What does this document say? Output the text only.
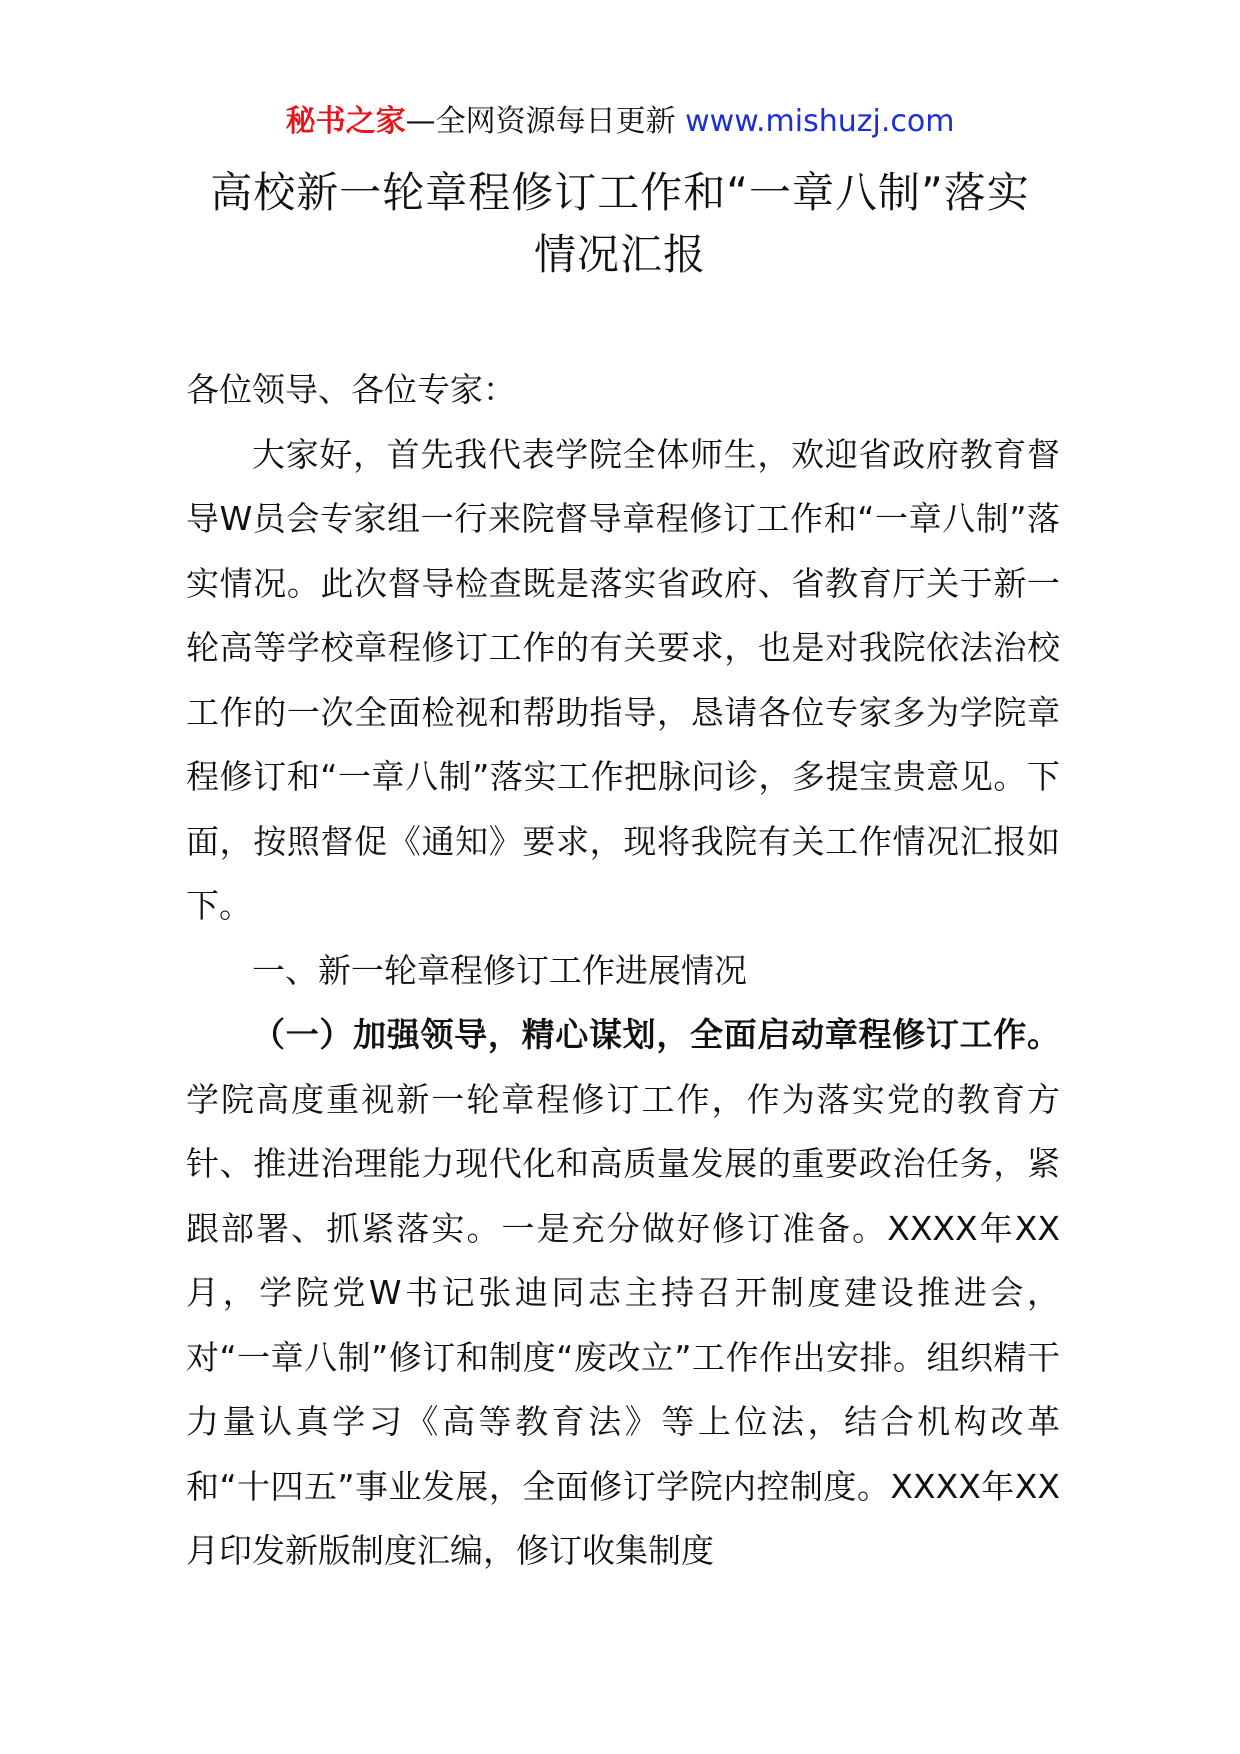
秘书之家—全网资源每日更新 www.mishuzj.com
高校新一轮章程修订工作和“一章八制”落实
情况汇报

各位领导、各位专家：

大家好，首先我代表学院全体师生，欢迎省政府教育督导W员会专家组一行来院督导章程修订工作和“一章八制”落实情况。此次督导检查既是落实省政府、省教育厅关于新一轮高等学校章程修订工作的有关要求，也是对我院依法治校工作的一次全面检视和帮助指导，恳请各位专家多为学院章程修订和“一章八制”落实工作把脉问诊，多提宝贵意见。下面，按照督促《通知》要求，现将我院有关工作情况汇报如下。

一、新一轮章程修订工作进展情况

（一）加强领导，精心谋划，全面启动章程修订工作。学院高度重视新一轮章程修订工作，作为落实党的教育方针、推进治理能力现代化和高质量发展的重要政治任务，紧跟部署、抓紧落实。一是充分做好修订准备。XXXX年XX月，学院党W书记张迪同志主持召开制度建设推进会，对“一章八制”修订和制度“废改立”工作作出安排。组织精干力量认真学习《高等教育法》等上位法，结合机构改革和“十四五”事业发展，全面修订学院内控制度。XXXX年XX月印发新版制度汇编，修订收集制度
